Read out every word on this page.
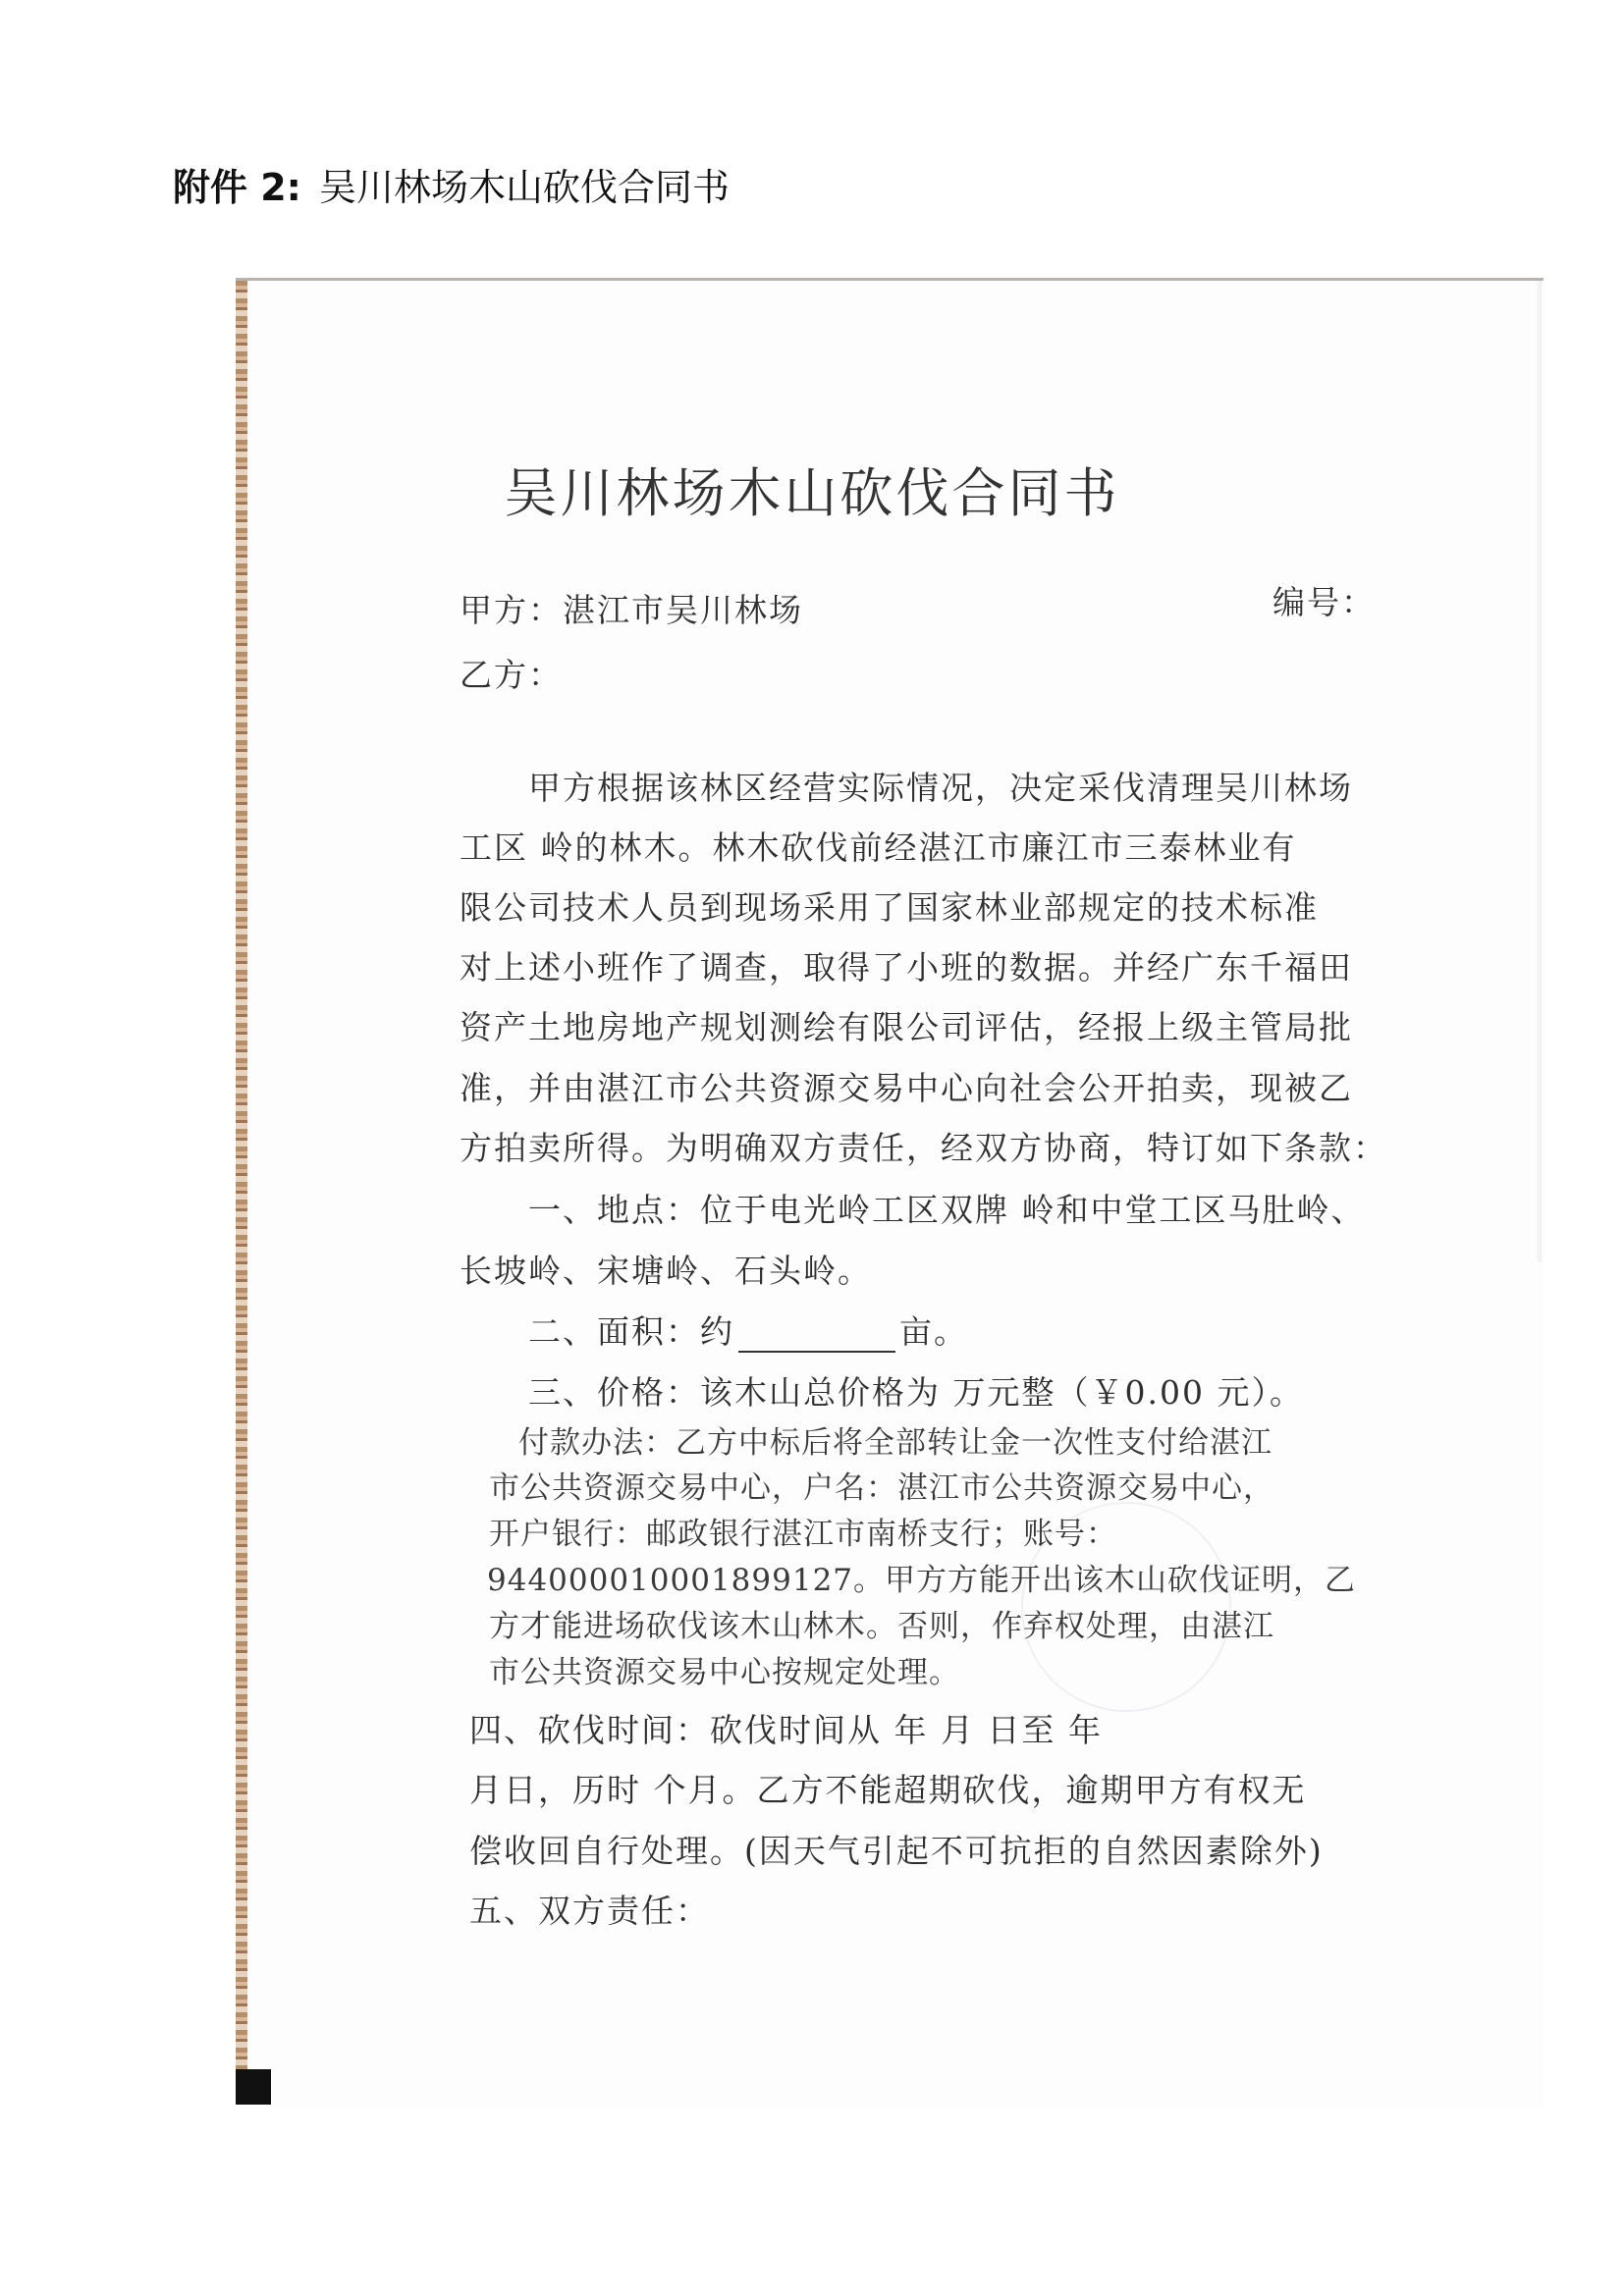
附件 2: 吴川林场木山砍伐合同书
吴川林场木山砍伐合同书
甲方：湛江市吴川林场	编号：
乙方：
甲方根据该林区经营实际情况，决定采伐清理吴川林场
工区 岭的林木。林木砍伐前经湛江市廉江市三泰林业有
限公司技术人员到现场采用了国家林业部规定的技术标准
对上述小班作了调查，取得了小班的数据。并经广东千福田
资产土地房地产规划测绘有限公司评估，经报上级主管局批
准，并由湛江市公共资源交易中心向社会公开拍卖，现被乙
方拍卖所得。为明确双方责任，经双方协商，特订如下条款：
一、地点：位于电光岭工区双牌 岭和中堂工区马肚岭、
长坡岭、宋塘岭、石头岭。
二、面积：约	亩。
三、价格：该木山总价格为 万元整（￥0.00 元）。
付款办法：乙方中标后将全部转让金一次性支付给湛江
市公共资源交易中心，户名：湛江市公共资源交易中心，
开户银行：邮政银行湛江市南桥支行；账号：
944000010001899127。甲方方能开出该木山砍伐证明，乙
方才能进场砍伐该木山林木。否则，作弃权处理，由湛江
市公共资源交易中心按规定处理。
四、砍伐时间：砍伐时间从 年 月 日至 年
月日，历时 个月。乙方不能超期砍伐，逾期甲方有权无
偿收回自行处理。(因天气引起不可抗拒的自然因素除外)
五、双方责任：
